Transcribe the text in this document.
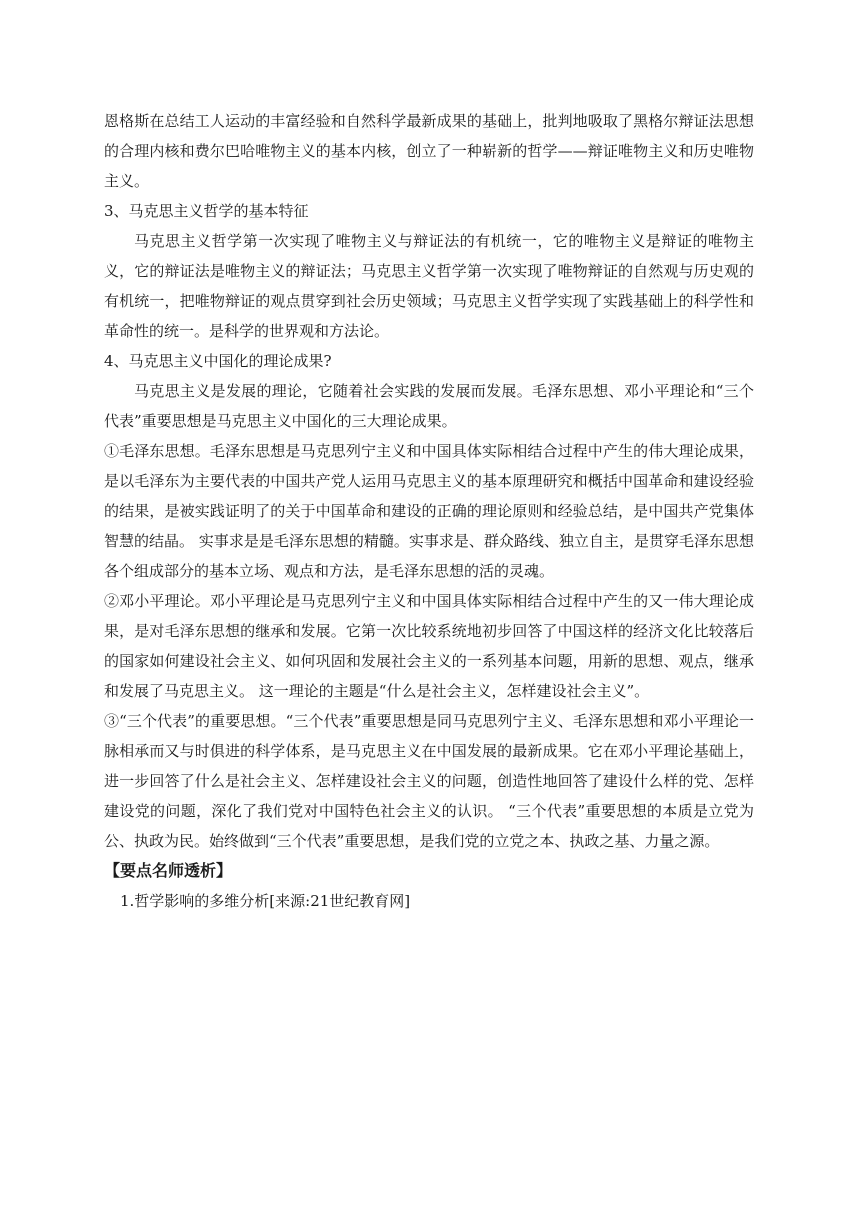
恩格斯在总结工人运动的丰富经验和自然科学最新成果的基础上，批判地吸取了黑格尔辩证法思想的合理内核和费尔巴哈唯物主义的基本内核，创立了一种崭新的哲学——辩证唯物主义和历史唯物主义。

3、马克思主义哲学的基本特征

马克思主义哲学第一次实现了唯物主义与辩证法的有机统一，它的唯物主义是辩证的唯物主义，它的辩证法是唯物主义的辩证法；马克思主义哲学第一次实现了唯物辩证的自然观与历史观的有机统一，把唯物辩证的观点贯穿到社会历史领域；马克思主义哲学实现了实践基础上的科学性和革命性的统一。是科学的世界观和方法论。

4、马克思主义中国化的理论成果?

马克思主义是发展的理论，它随着社会实践的发展而发展。毛泽东思想、邓小平理论和“三个代表”重要思想是马克思主义中国化的三大理论成果。

①毛泽东思想。毛泽东思想是马克思列宁主义和中国具体实际相结合过程中产生的伟大理论成果，是以毛泽东为主要代表的中国共产党人运用马克思主义的基本原理研究和概括中国革命和建设经验的结果，是被实践证明了的关于中国革命和建设的正确的理论原则和经验总结，是中国共产党集体智慧的结晶。 实事求是是毛泽东思想的精髓。实事求是、群众路线、独立自主，是贯穿毛泽东思想各个组成部分的基本立场、观点和方法，是毛泽东思想的活的灵魂。

②邓小平理论。邓小平理论是马克思列宁主义和中国具体实际相结合过程中产生的又一伟大理论成果，是对毛泽东思想的继承和发展。它第一次比较系统地初步回答了中国这样的经济文化比较落后的国家如何建设社会主义、如何巩固和发展社会主义的一系列基本问题，用新的思想、观点，继承和发展了马克思主义。 这一理论的主题是“什么是社会主义，怎样建设社会主义”。

③“三个代表”的重要思想。“三个代表”重要思想是同马克思列宁主义、毛泽东思想和邓小平理论一脉相承而又与时俱进的科学体系，是马克思主义在中国发展的最新成果。它在邓小平理论基础上，进一步回答了什么是社会主义、怎样建设社会主义的问题，创造性地回答了建设什么样的党、怎样建设党的问题，深化了我们党对中国特色社会主义的认识。 “三个代表”重要思想的本质是立党为公、执政为民。始终做到“三个代表”重要思想，是我们党的立党之本、执政之基、力量之源。

【要点名师透析】

1.哲学影响的多维分析[来源:21世纪教育网]
